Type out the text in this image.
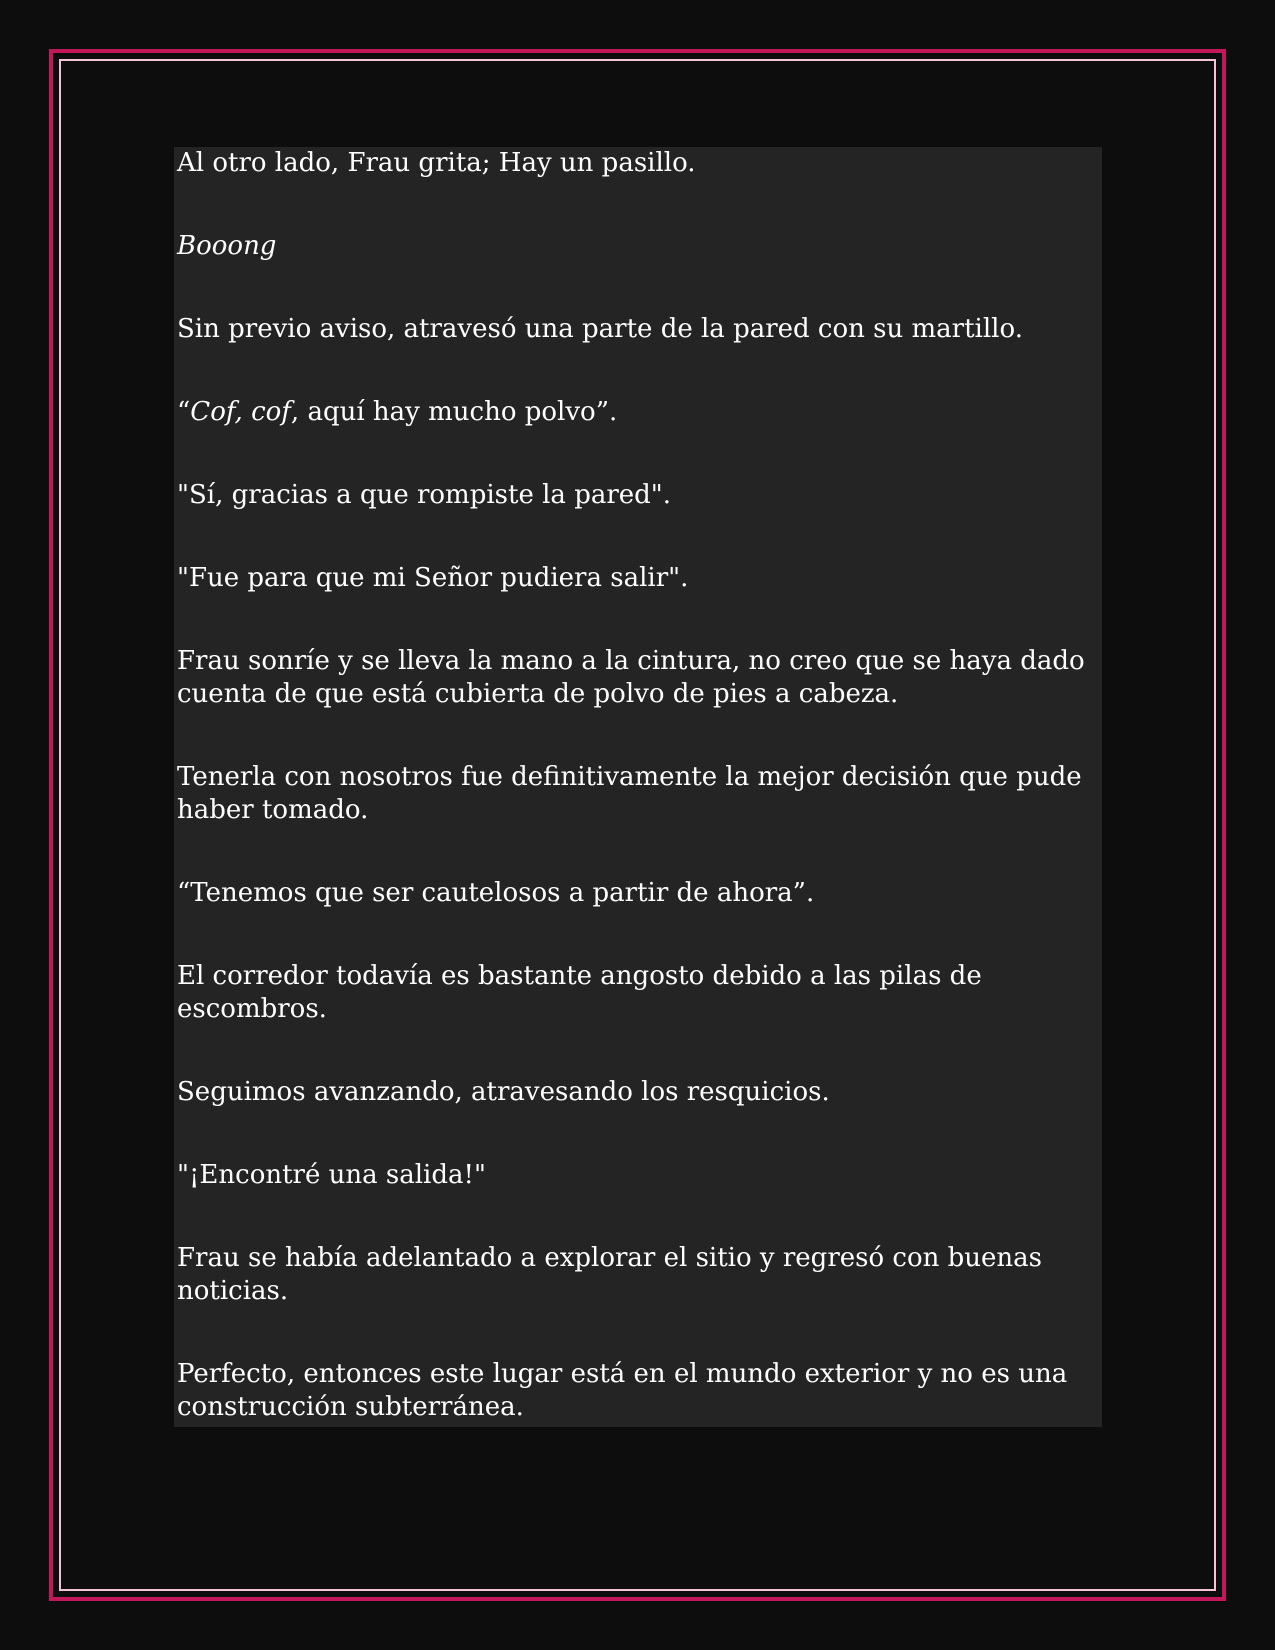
Al otro lado, Frau grita; Hay un pasillo.

Booong

Sin previo aviso, atravesó una parte de la pared con su martillo.

“Cof, cof, aquí hay mucho polvo”.

"Sí, gracias a que rompiste la pared".

"Fue para que mi Señor pudiera salir".

Frau sonríe y se lleva la mano a la cintura, no creo que se haya dado cuenta de que está cubierta de polvo de pies a cabeza.

Tenerla con nosotros fue definitivamente la mejor decisión que pude haber tomado.

“Tenemos que ser cautelosos a partir de ahora”.

El corredor todavía es bastante angosto debido a las pilas de escombros.

Seguimos avanzando, atravesando los resquicios.

"¡Encontré una salida!"

Frau se había adelantado a explorar el sitio y regresó con buenas noticias.

Perfecto, entonces este lugar está en el mundo exterior y no es una construcción subterránea.
